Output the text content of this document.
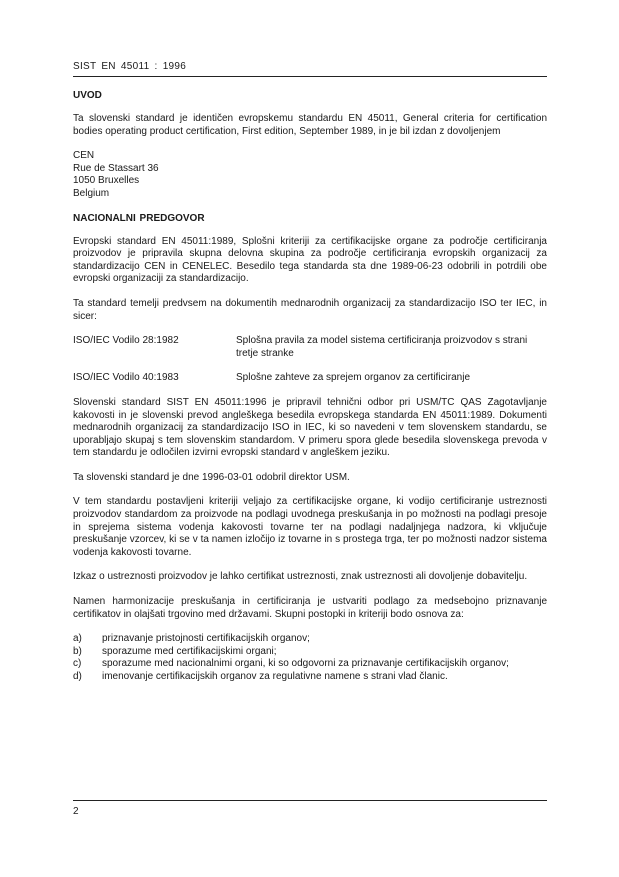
SIST EN 45011 : 1996
UVOD

Ta slovenski standard je identičen evropskemu standardu EN 45011, General criteria for certification bodies operating product certification, First edition, September 1989, in je bil izdan z dovoljenjem

CEN
Rue de Stassart 36
1050 Bruxelles
Belgium
NACIONALNI PREDGOVOR

Evropski standard EN 45011:1989, Splošni kriteriji za certifikacijske organe za področje certificiranja proizvodov je pripravila skupna delovna skupina za področje certificiranja evropskih organizacij za standardizacijo CEN in CENELEC. Besedilo tega standarda sta dne 1989-06-23 odobrili in potrdili obe evropski organizaciji za standardizacijo.

Ta standard temelji predvsem na dokumentih mednarodnih organizacij za standardizacijo ISO ter IEC, in sicer:

ISO/IEC Vodilo 28:1982	Splošna pravila za model sistema certificiranja proizvodov s strani tretje stranke
ISO/IEC Vodilo 40:1983	Splošne zahteve za sprejem organov za certificiranje

Slovenski standard SIST EN 45011:1996 je pripravil tehnični odbor pri USM/TC QAS Zagotavljanje kakovosti in je slovenski prevod angleškega besedila evropskega standarda EN 45011:1989. Dokumenti mednarodnih organizacij za standardizacijo ISO in IEC, ki so navedeni v tem slovenskem standardu, se uporabljajo skupaj s tem slovenskim standardom. V primeru spora glede besedila slovenskega prevoda v tem standardu je odločilen izvirni evropski standard v angleškem jeziku.

Ta slovenski standard je dne 1996-03-01 odobril direktor USM.

V tem standardu postavljeni kriteriji veljajo za certifikacijske organe, ki vodijo certificiranje ustreznosti proizvodov standardom za proizvode na podlagi uvodnega preskušanja in po možnosti na podlagi presoje in sprejema sistema vodenja kakovosti tovarne ter na podlagi nadaljnjega nadzora, ki vključuje preskušanje vzorcev, ki se v ta namen izločijo iz tovarne in s prostega trga, ter po možnosti nadzor sistema vodenja kakovosti tovarne.

Izkaz o ustreznosti proizvodov je lahko certifikat ustreznosti, znak ustreznosti ali dovoljenje dobavitelju.

Namen harmonizacije preskušanja in certificiranja je ustvariti podlago za medsebojno priznavanje certifikatov in olajšati trgovino med državami. Skupni postopki in kriteriji bodo osnova za:

a)	priznavanje pristojnosti certifikacijskih organov;
b)	sporazume med certifikacijskimi organi;
c)	sporazume med nacionalnimi organi, ki so odgovorni za priznavanje certifikacijskih organov;
d)	imenovanje certifikacijskih organov za regulativne namene s strani vlad članic.
2
